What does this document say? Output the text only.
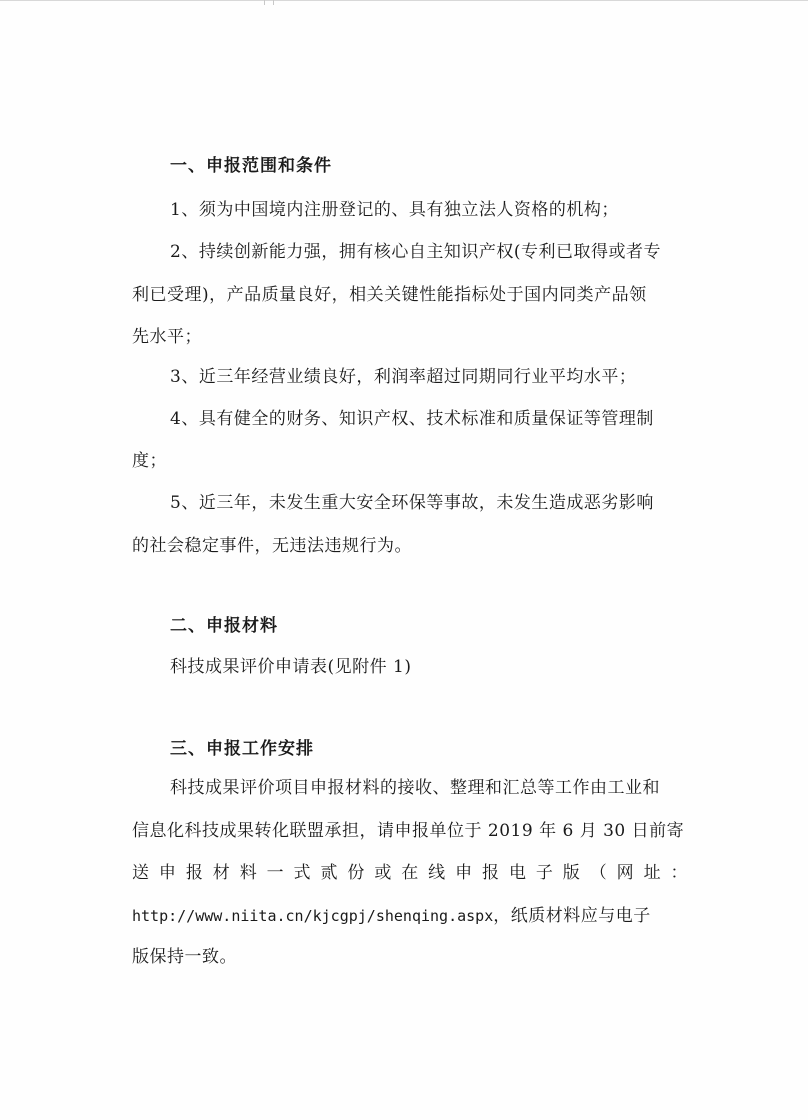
一、申报范围和条件
1、须为中国境内注册登记的、具有独立法人资格的机构；
2、持续创新能力强，拥有核心自主知识产权(专利已取得或者专
利已受理)，产品质量良好，相关关键性能指标处于国内同类产品领
先水平；
3、近三年经营业绩良好，利润率超过同期同行业平均水平；
4、具有健全的财务、知识产权、技术标准和质量保证等管理制
度；
5、近三年，未发生重大安全环保等事故，未发生造成恶劣影响
的社会稳定事件，无违法违规行为。
二、申报材料
科技成果评价申请表(见附件 1)
三、申报工作安排
科技成果评价项目申报材料的接收、整理和汇总等工作由工业和
信息化科技成果转化联盟承担，请申报单位于 2019 年 6 月 30 日前寄
送申报材料一式贰份或在线申报电子版（网址：
http://www.niita.cn/kjcgpj/shenqing.aspx，纸质材料应与电子
版保持一致。
